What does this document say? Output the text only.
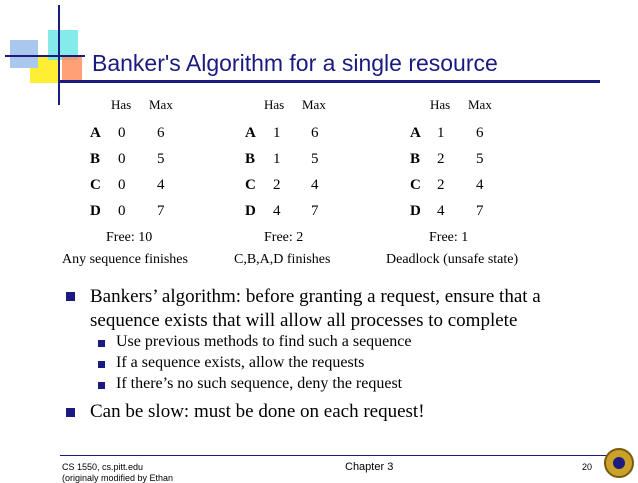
Banker's Algorithm for a single resource
Has Max
A 0 6
B 0 5
C 0 4
D 0 7
Free: 10
Any sequence finishes
Has Max
A 1 6
B 1 5
C 2 4
D 4 7
Free: 2
C,B,A,D finishes
Has Max
A 1 6
B 2 5
C 2 4
D 4 7
Free: 1
Deadlock (unsafe state)
Bankers’ algorithm: before granting a request, ensure that a sequence exists that will allow all processes to complete
Use previous methods to find such a sequence
If a sequence exists, allow the requests
If there’s no such sequence, deny the request
Can be slow: must be done on each request!
CS 1550, cs.pitt.edu
(originaly modified by Ethan
Chapter 3	20
